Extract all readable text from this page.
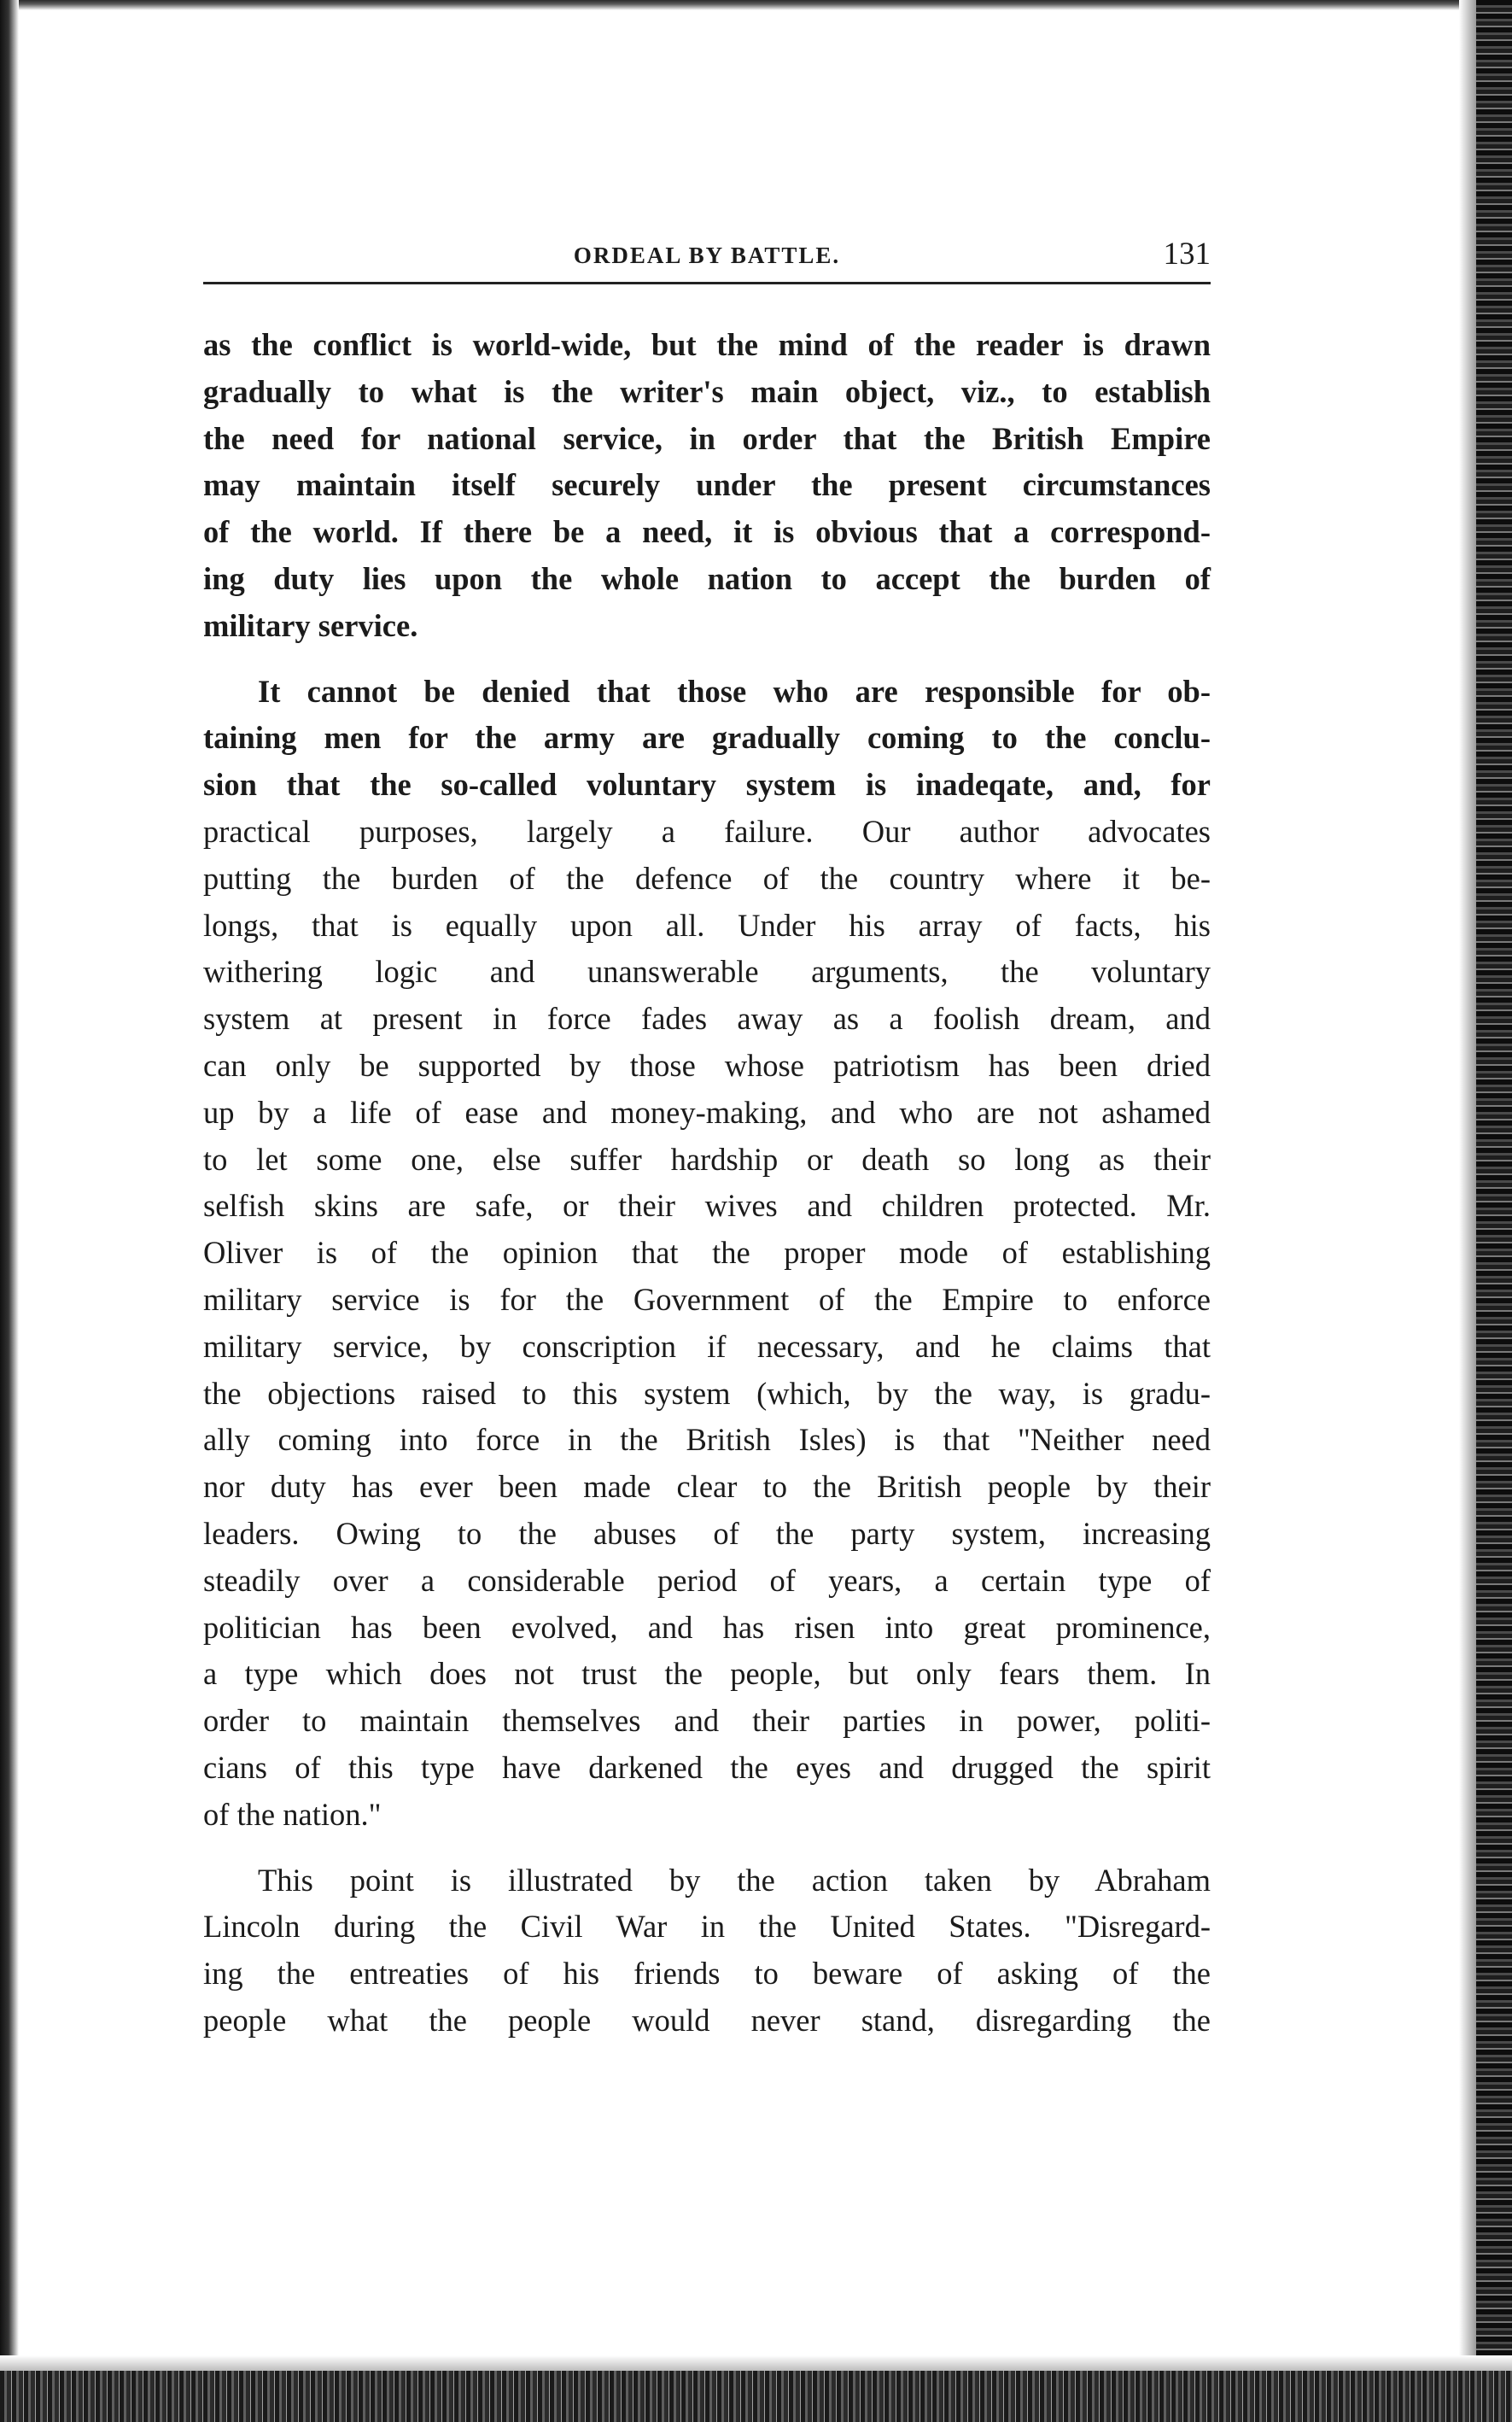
ORDEAL BY BATTLE.	131
as the conflict is world-wide, but the mind of the reader is drawn
gradually to what is the writer's main object, viz., to establish
the need for national service, in order that the British Empire
may maintain itself securely under the present circumstances
of the world. If there be a need, it is obvious that a correspond-
ing duty lies upon the whole nation to accept the burden of
military service.
It cannot be denied that those who are responsible for ob-
taining men for the army are gradually coming to the conclu-
sion that the so-called voluntary system is inadeqate, and, for
practical purposes, largely a failure. Our author advocates
putting the burden of the defence of the country where it be-
longs, that is equally upon all. Under his array of facts, his
withering logic and unanswerable arguments, the voluntary
system at present in force fades away as a foolish dream, and
can only be supported by those whose patriotism has been dried
up by a life of ease and money-making, and who are not ashamed
to let some one, else suffer hardship or death so long as their
selfish skins are safe, or their wives and children protected. Mr.
Oliver is of the opinion that the proper mode of establishing
military service is for the Government of the Empire to enforce
military service, by conscription if necessary, and he claims that
the objections raised to this system (which, by the way, is gradu-
ally coming into force in the British Isles) is that "Neither need
nor duty has ever been made clear to the British people by their
leaders. Owing to the abuses of the party system, increasing
steadily over a considerable period of years, a certain type of
politician has been evolved, and has risen into great prominence,
a type which does not trust the people, but only fears them. In
order to maintain themselves and their parties in power, politi-
cians of this type have darkened the eyes and drugged the spirit
of the nation."
This point is illustrated by the action taken by Abraham
Lincoln during the Civil War in the United States. "Disregard-
ing the entreaties of his friends to beware of asking of the
people what the people would never stand, disregarding the
